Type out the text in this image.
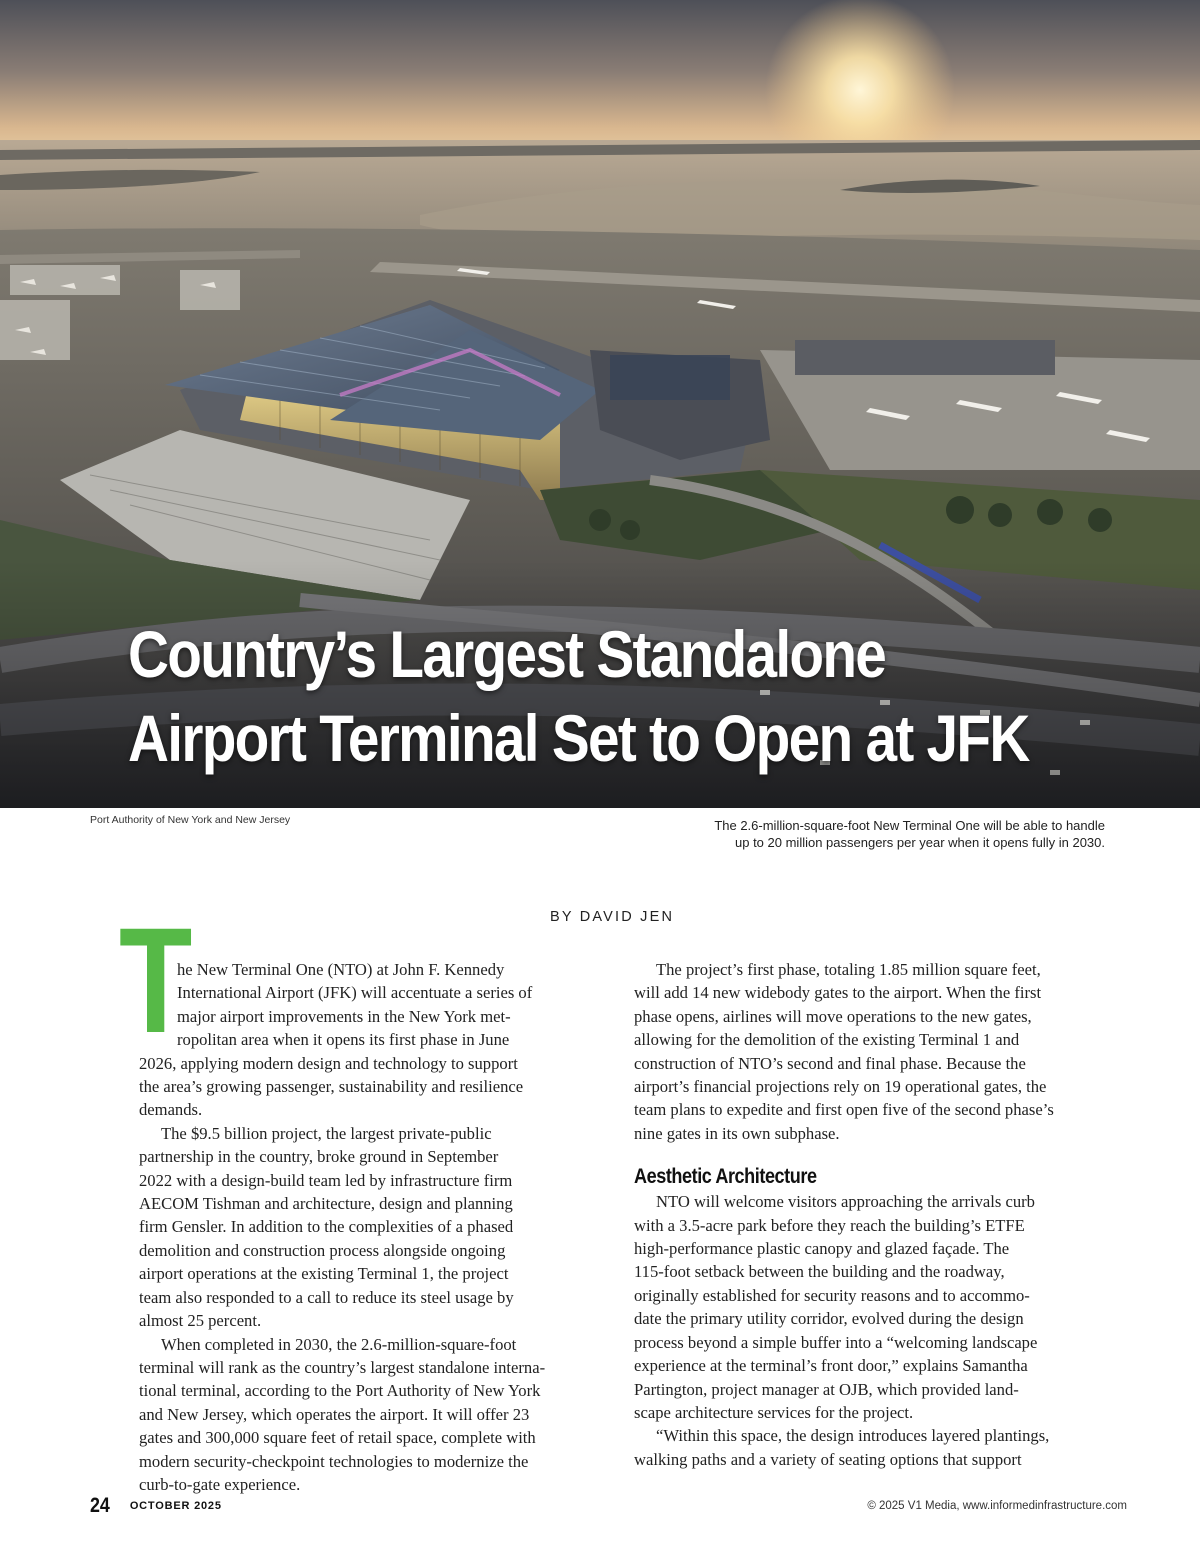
Country’s Largest Standalone
Airport Terminal Set to Open at JFK
Port Authority of New York and New Jersey	The 2.6-million-square-foot New Terminal One will be able to handle
up to 20 million passengers per year when it opens fully in 2030.
BY DAVID JEN
T

he New Terminal One (NTO) at John F. Kennedy
International Airport (JFK) will accentuate a series of
major airport improvements in the New York met-
ropolitan area when it opens its first phase in June
2026, applying modern design and technology to support
the area’s growing passenger, sustainability and resilience
demands.

The $9.5 billion project, the largest private-public
partnership in the country, broke ground in September
2022 with a design-build team led by infrastructure firm
AECOM Tishman and architecture, design and planning
firm Gensler. In addition to the complexities of a phased
demolition and construction process alongside ongoing
airport operations at the existing Terminal 1, the project
team also responded to a call to reduce its steel usage by
almost 25 percent.

When completed in 2030, the 2.6-million-square-foot
terminal will rank as the country’s largest standalone interna-
tional terminal, according to the Port Authority of New York
and New Jersey, which operates the airport. It will offer 23
gates and 300,000 square feet of retail space, complete with
modern security-checkpoint technologies to modernize the
curb-to-gate experience.

The project’s first phase, totaling 1.85 million square feet,
will add 14 new widebody gates to the airport. When the first
phase opens, airlines will move operations to the new gates,
allowing for the demolition of the existing Terminal 1 and
construction of NTO’s second and final phase. Because the
airport’s financial projections rely on 19 operational gates, the
team plans to expedite and first open five of the second phase’s
nine gates in its own subphase.

Aesthetic Architecture

NTO will welcome visitors approaching the arrivals curb
with a 3.5-acre park before they reach the building’s ETFE
high-performance plastic canopy and glazed façade. The
115-foot setback between the building and the roadway,
originally established for security reasons and to accommo-
date the primary utility corridor, evolved during the design
process beyond a simple buffer into a “welcoming landscape
experience at the terminal’s front door,” explains Samantha
Partington, project manager at OJB, which provided land-
scape architecture services for the project.

“Within this space, the design introduces layered plantings,
walking paths and a variety of seating options that support

24 OCTOBER 2025	© 2025 V1 Media, www.informedinfrastructure.com
